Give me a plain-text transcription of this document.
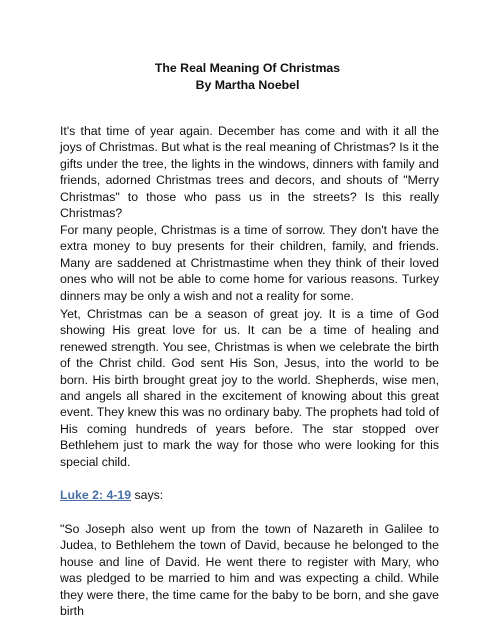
The Real Meaning Of Christmas
By Martha Noebel

It's that time of year again. December has come and with it all the joys of Christmas. But what is the real meaning of Christmas? Is it the gifts under the tree, the lights in the windows, dinners with family and friends, adorned Christmas trees and decors, and shouts of "Merry Christmas" to those who pass us in the streets? Is this really Christmas?

For many people, Christmas is a time of sorrow. They don't have the extra money to buy presents for their children, family, and friends. Many are saddened at Christmastime when they think of their loved ones who will not be able to come home for various reasons. Turkey dinners may be only a wish and not a reality for some.

Yet, Christmas can be a season of great joy. It is a time of God showing His great love for us. It can be a time of healing and renewed strength. You see, Christmas is when we celebrate the birth of the Christ child. God sent His Son, Jesus, into the world to be born. His birth brought great joy to the world. Shepherds, wise men, and angels all shared in the excitement of knowing about this great event. They knew this was no ordinary baby. The prophets had told of His coming hundreds of years before. The star stopped over Bethlehem just to mark the way for those who were looking for this special child.

Luke 2: 4-19 says:

"So Joseph also went up from the town of Nazareth in Galilee to Judea, to Bethlehem the town of David, because he belonged to the house and line of David. He went there to register with Mary, who was pledged to be married to him and was expecting a child. While they were there, the time came for the baby to be born, and she gave birth
